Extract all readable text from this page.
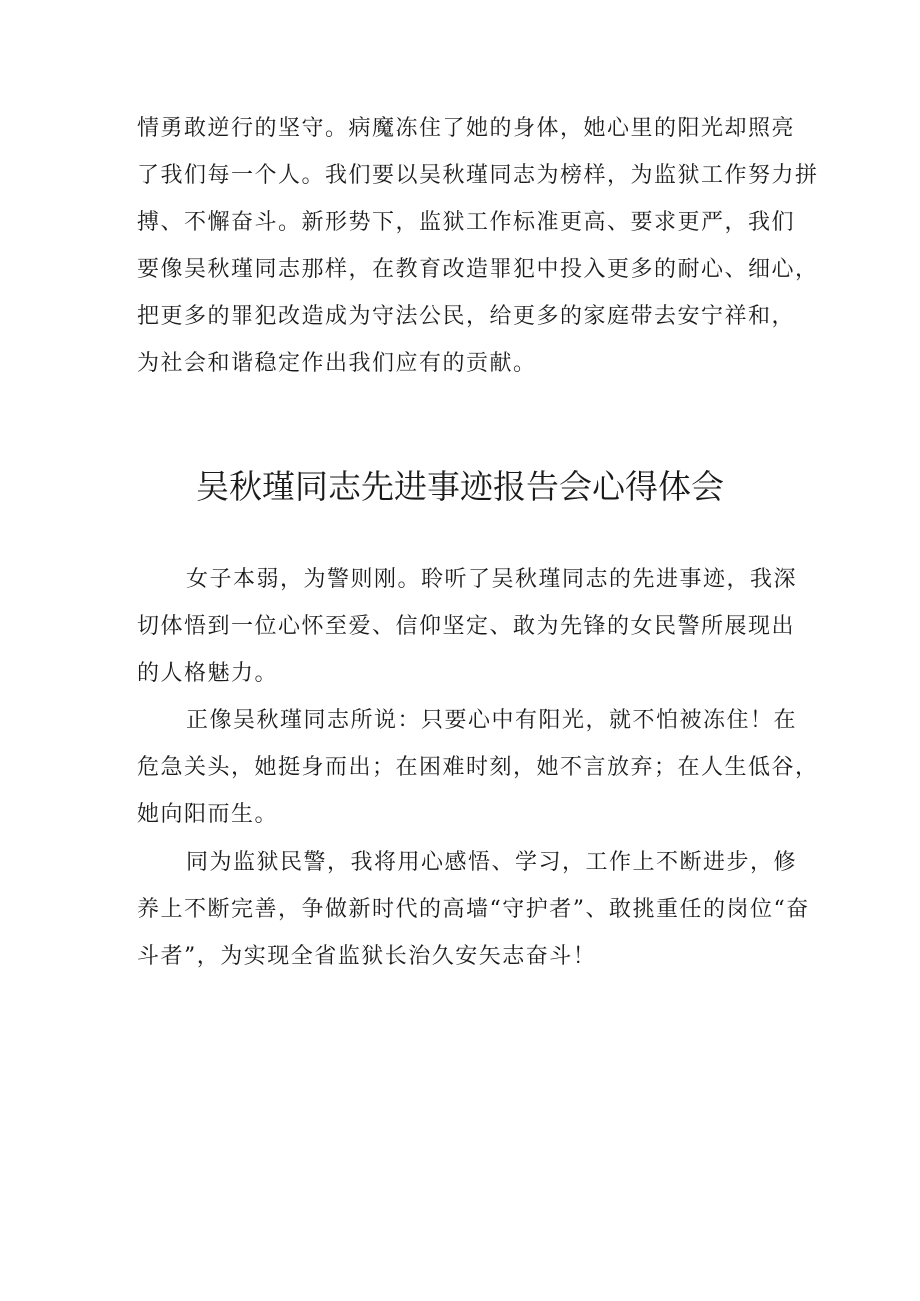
情勇敢逆行的坚守。病魔冻住了她的身体，她心里的阳光却照亮
了我们每一个人。我们要以吴秋瑾同志为榜样，为监狱工作努力拼
搏、不懈奋斗。新形势下，监狱工作标准更高、要求更严，我们
要像吴秋瑾同志那样，在教育改造罪犯中投入更多的耐心、细心，
把更多的罪犯改造成为守法公民，给更多的家庭带去安宁祥和，
为社会和谐稳定作出我们应有的贡献。
吴秋瑾同志先进事迹报告会心得体会
女子本弱，为警则刚。聆听了吴秋瑾同志的先进事迹，我深
切体悟到一位心怀至爱、信仰坚定、敢为先锋的女民警所展现出
的人格魅力。
正像吴秋瑾同志所说：只要心中有阳光，就不怕被冻住！在
危急关头，她挺身而出；在困难时刻，她不言放弃；在人生低谷，
她向阳而生。
同为监狱民警，我将用心感悟、学习，工作上不断进步，修
养上不断完善，争做新时代的高墙“守护者”、敢挑重任的岗位“奋
斗者”，为实现全省监狱长治久安矢志奋斗！
